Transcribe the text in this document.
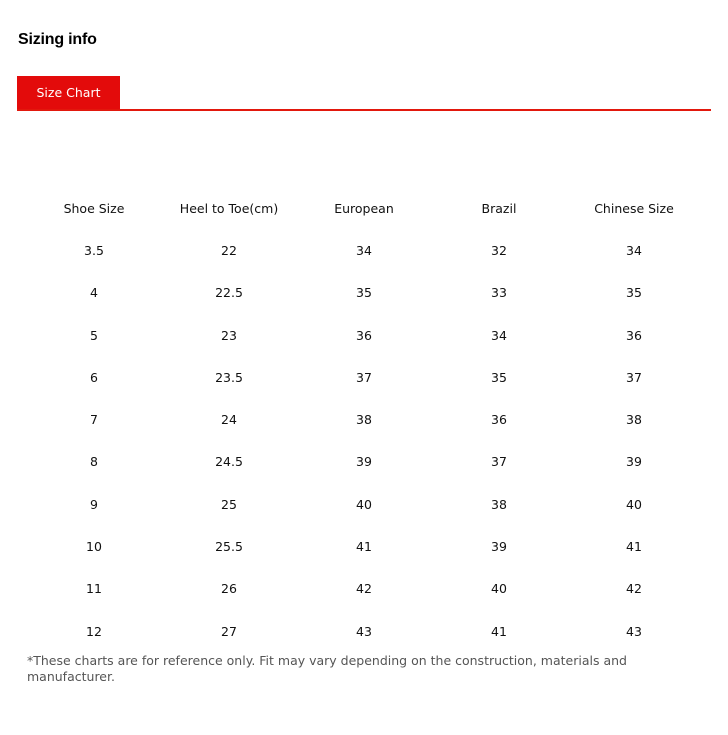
Sizing info
Size Chart
Shoe Size	Heel to Toe(cm)	European	Brazil	Chinese Size
3.5	22	34	32	34
4	22.5	35	33	35
5	23	36	34	36
6	23.5	37	35	37
7	24	38	36	38
8	24.5	39	37	39
9	25	40	38	40
10	25.5	41	39	41
11	26	42	40	42
12	27	43	41	43

*These charts are for reference only. Fit may vary depending on the construction, materials and manufacturer.
